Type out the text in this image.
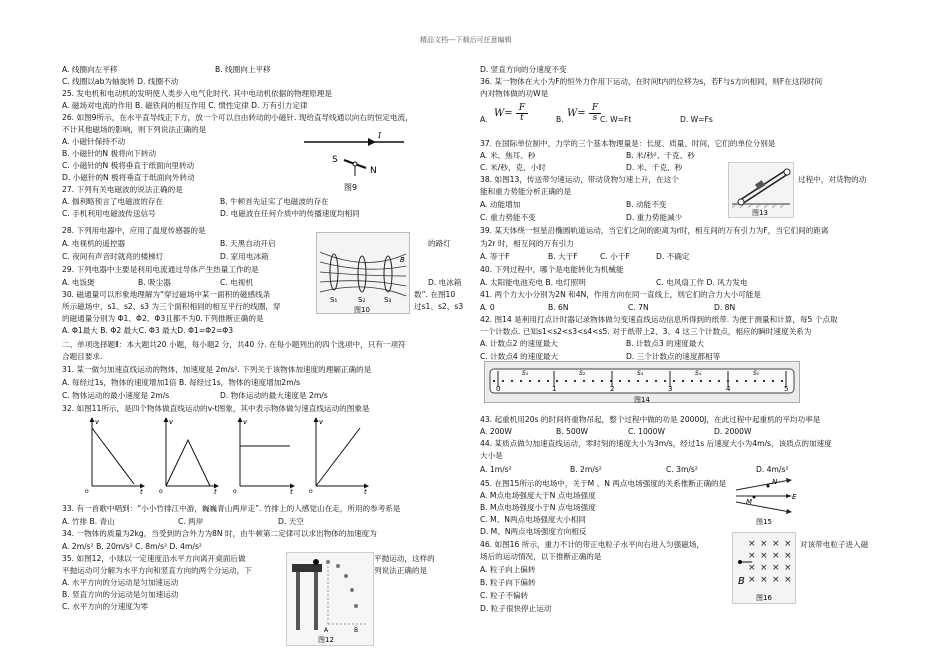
精品文档---下载后可任意编辑
A. 线圈向左平移	B. 线圈向上平移
C. 线圈以ab为轴旋转 D. 线圈不动
25. 发电机和电动机的发明使人类步入电气化时代. 其中电动机依据的物理原理是
A. 磁场对电流的作用 B. 磁铁间的相互作用 C. 惯性定律 D. 万有引力定律
26. 如图9所示，在水平直导线正下方，放一个可以自由转动的小磁针. 现给直导线通以向右的恒定电流，
不计其他磁场的影响，则下列说法正确的是
A. 小磁针保持不动
B. 小磁针的N 极将向下转动
C. 小磁针的N 极将垂直于纸面向里转动
D. 小磁针的N 极将垂直于纸面向外转动
27. 下列有关电磁波的说法正确的是
A. 伽利略预言了电磁波的存在	B. 牛顿首先证实了电磁波的存在
C. 手机利用电磁波传送信号	D. 电磁波在任何介质中的传播速度均相同
28. 下列用电器中，应用了温度传感器的是
A. 电视机的遥控器	B. 天黑自动开启	的路灯
C. 夜间有声音时就亮的楼梯灯	D. 家用电冰箱
29. 下列电器中主要是利用电流通过导体产生热量工作的是
A. 电饭煲	B. 吸尘器	C. 电视机	D. 电冰箱
30. 磁通量可以形象地理解为“穿过磁场中某一面积的磁感线条	数”. 在图10
所示磁场中，s1、s2、s3 为三个面积相同的相互平行的线圈，穿	过s1、s2、s3
的磁通量分别为 Φ1、Φ2、Φ3且都不为0.下列推断正确的是
A. Φ1最大 B. Φ2 最大C. Φ3 最大D. Φ1=Φ2=Φ3
二、单项选择题Ⅱ：本大题共20 小题，每小题2 分，共40 分. 在每小题列出的四个选项中，只有一项符
合题目要求.
31. 某一做匀加速直线运动的物体，加速度是 2m/s². 下列关于该物体加速度的理解正确的是
A. 每经过1s，物体的速度增加1倍 B. 每经过1s，物体的速度增加2m/s
C. 物体运动的最小速度是 2m/s	D. 物体运动的最大速度是 2m/s
32. 如图11所示，是四个物体做直线运动的v-t图象，其中表示物体做匀速直线运动的图象是
33. 有一首歌中唱到：“小小竹排江中游，巍巍青山两岸走”. 竹排上的人感觉山在走，所用的参考系是
A. 竹排 B. 青山	C. 两岸	D. 天空
34. 一物体的质量为2kg，当受到的合外力为8N 时，由牛顿第二定律可以求出物体的加速度为
A. 2m/s² B. 20m/s² C. 8m/s² D. 4m/s²
35. 如图12，小球以一定速度沿水平方向离开桌面后做	平抛运动，这样的
平抛运动可分解为水平方向和竖直方向的两个分运动，下	列说法正确的是
A. 水平方向的分运动是匀加速运动
B. 竖直方向的分运动是匀加速运动
C. 水平方向的分速度为零
D. 竖直方向的分速度不变
36. 某一物体在大小为F的恒外力作用下运动，在时间t内的位移为s，若F与s方向相同，则F在这段时间
内对物体做的功W是
A.	B.	C. W=Ft	D. W=Fs
37. 在国际单位制中，力学的三个基本物理量是：长度、质量、时间，它们的单位分别是
A. 米、焦耳、秒	B. 米/秒²、千克、秒
C. 米/秒、克、小时	D. 米、千克、秒
38. 如图13，传送带匀速运动，带动货物匀速上升，在这个	过程中，对货物的动
能和重力势能分析正确的是
A. 动能增加	B. 动能不变
C. 重力势能不变	D. 重力势能减少
39. 某天体绕一恒星沿椭圆轨道运动，当它们之间的距离为r时，相互间的万有引力为F，当它们间的距离
为2r 时，相互间的万有引力
A. 等于F	B. 大于F	C. 小于F	D. 不确定
40. 下列过程中，哪个是电能转化为机械能
A. 太阳能电池充电 B. 电灯照明	C. 电风扇工作 D. 风力发电
41. 两个力大小分别为2N 和4N，作用方向在同一直线上，则它们的合力大小可能是
A. 0	B. 6N	C. 7N	D. 8N
42. 图14 是利用打点计时器记录物体做匀变速直线运动信息所得到的纸带. 为便于测量和计算，每5 个点取
一个计数点. 已知s1<s2<s3<s4<s5. 对于纸带上2、3、4 这三个计数点，相应的瞬时速度关系为
A. 计数点2 的速度最大	B. 计数点3 的速度最大
C. 计数点4 的速度最大	D. 三个计数点的速度都相等
43. 起重机用20s 的时间将重物吊起，整个过程中做的功是 20000J，在此过程中起重机的平均功率是
A. 200W	B. 500W	C. 1000W	D. 2000W
44. 某质点做匀加速直线运动，零时刻的速度大小为3m/s，经过1s 后速度大小为4m/s，该质点的加速度
大小是
A. 1m/s²	B. 2m/s²	C. 3m/s²	D. 4m/s²
45. 在图15所示的电场中，关于M 、N 两点电场强度的关系推断正确的是
A. M点电场强度大于N 点电场强度
B. M点电场强度小于N 点电场强度
C. M、N两点电场强度大小相同
D. M、N两点电场强度方向相反
46. 如图16 所示，重力不计的带正电粒子水平向右进入匀强磁场，	对该带电粒子进入磁
场后的运动情况，以下推断正确的是
A. 粒子向上偏转
B. 粒子向下偏转
C. 粒子不偏转
D. 粒子很快停止运动
$W= \frac{F}{t}$	$W= \frac{F}{s}$
I
S
N
图9
S₁	S₂	S₃
B
图10
v
t
o
v
t
o
v
t
o
v
t
o
A	B
图12
图13
图14
0	1	2	3	4	5
S₁	S₂	S₃	S₄	S₅
N
M
E
图15
× × × ×
× × × ×
× × × ×
× × × ×
B
图16
